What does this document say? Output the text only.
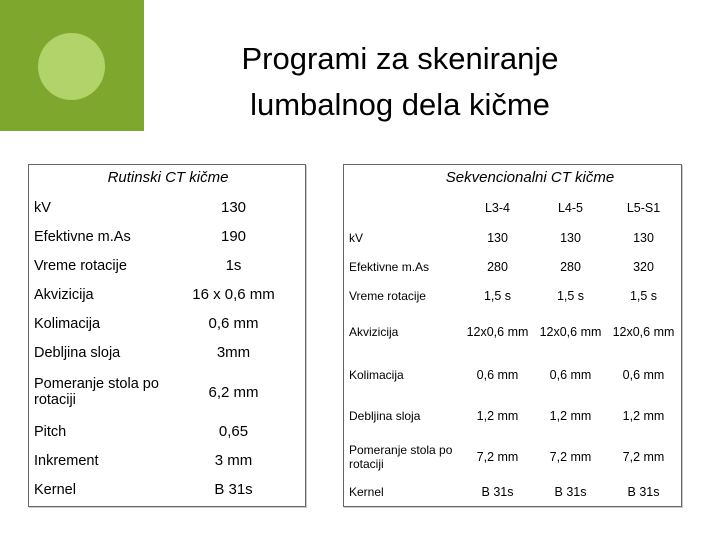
Programi za skeniranje
lumbalnog dela kičme
Rutinski CT kičme
kV	130
Efektivne m.As	190
Vreme rotacije	1s
Akvizicija	16 x 0,6 mm
Kolimacija	0,6 mm
Debljina sloja	3mm
Pomeranje stola po rotaciji	6,2 mm
Pitch	0,65
Inkrement	3 mm
Kernel	B 31s
Sekvencionalni CT kičme
	L3-4	L4-5	L5-S1
kV	130	130	130
Efektivne m.As	280	280	320
Vreme rotacije	1,5 s	1,5 s	1,5 s
Akvizicija	12x0,6 mm	12x0,6 mm	12x0,6 mm
Kolimacija	0,6 mm	0,6 mm	0,6 mm
Debljina sloja	1,2 mm	1,2 mm	1,2 mm
Pomeranje stola po rotaciji	7,2 mm	7,2 mm	7,2 mm
Kernel	B 31s	B 31s	B 31s
